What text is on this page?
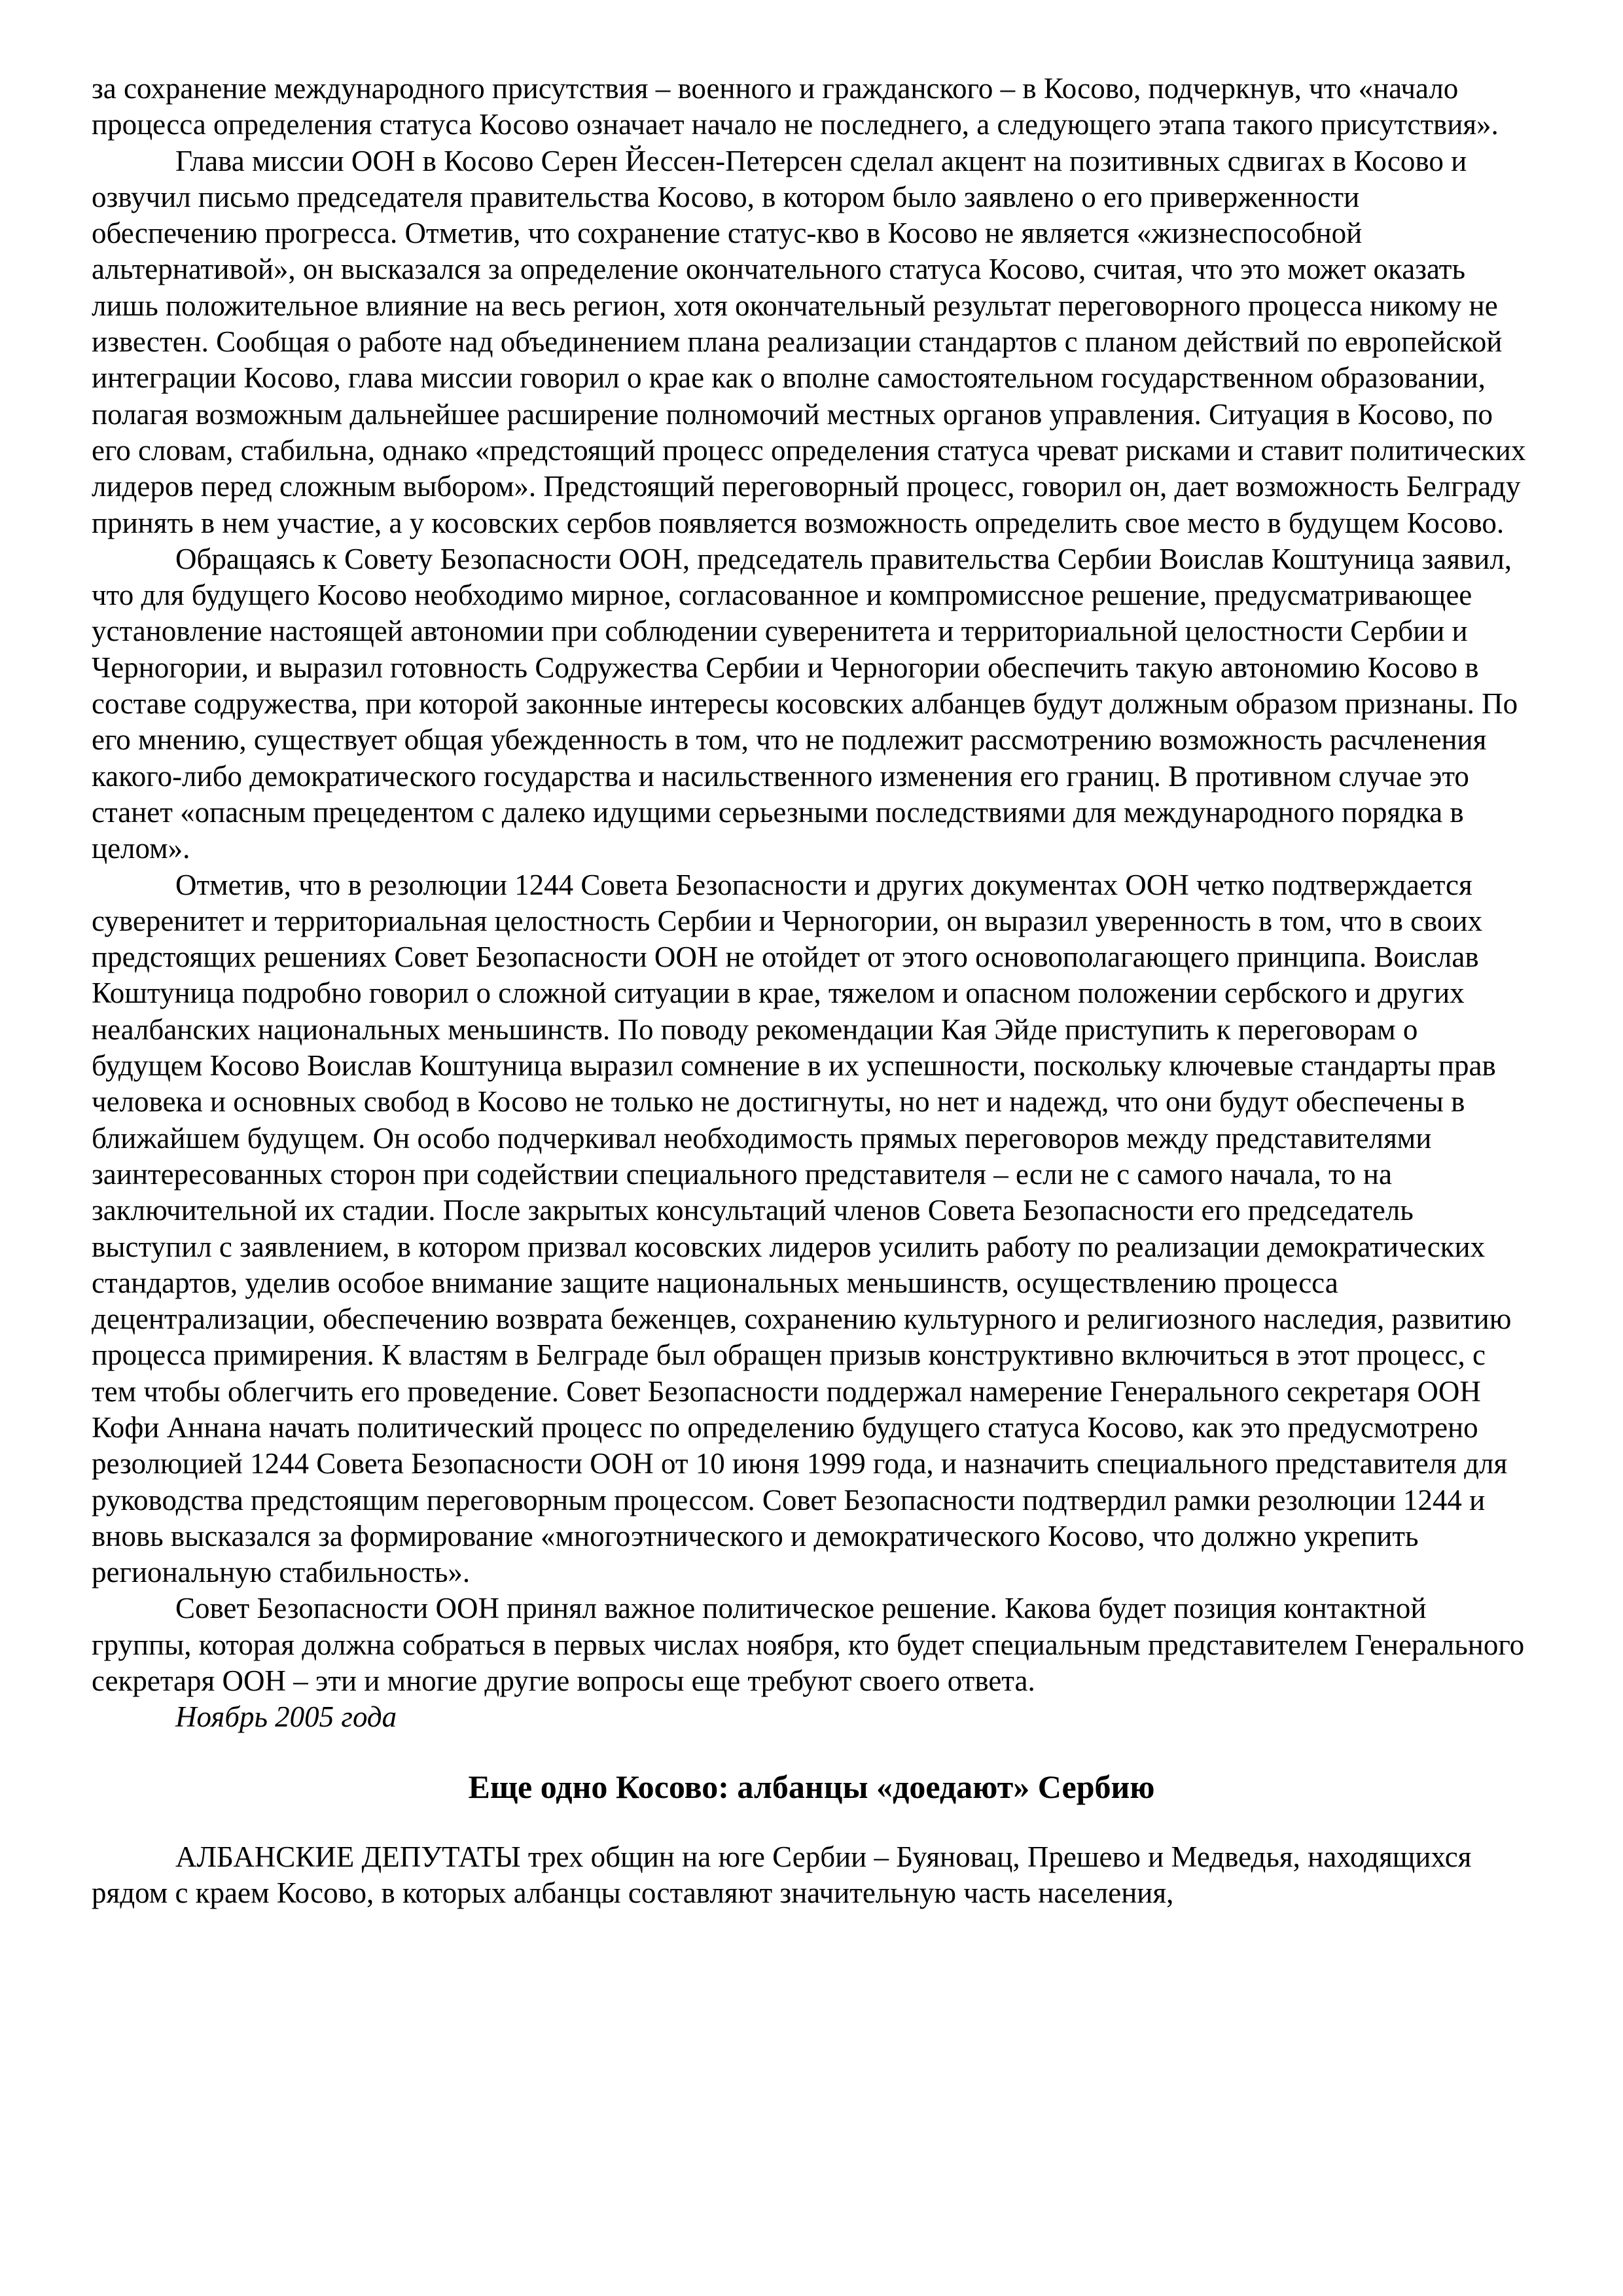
за сохранение международного присутствия – военного и гражданского – в Косово, подчеркнув, что «начало процесса определения статуса Косово означает начало не последнего, а следующего этапа такого присутствия».

Глава миссии ООН в Косово Серен Йессен-Петерсен сделал акцент на позитивных сдвигах в Косово и озвучил письмо председателя правительства Косово, в котором было заявлено о его приверженности обеспечению прогресса. Отметив, что сохранение статус-кво в Косово не является «жизнеспособной альтернативой», он высказался за определение окончательного статуса Косово, считая, что это может оказать лишь положительное влияние на весь регион, хотя окончательный результат переговорного процесса никому не известен. Сообщая о работе над объединением плана реализации стандартов с планом действий по европейской интеграции Косово, глава миссии говорил о крае как о вполне самостоятельном государственном образовании, полагая возможным дальнейшее расширение полномочий местных органов управления. Ситуация в Косово, по его словам, стабильна, однако «предстоящий процесс определения статуса чреват рисками и ставит политических лидеров перед сложным выбором». Предстоящий переговорный процесс, говорил он, дает возможность Белграду принять в нем участие, а у косовских сербов появляется возможность определить свое место в будущем Косово.

Обращаясь к Совету Безопасности ООН, председатель правительства Сербии Воислав Коштуница заявил, что для будущего Косово необходимо мирное, согласованное и компромиссное решение, предусматривающее установление настоящей автономии при соблюдении суверенитета и территориальной целостности Сербии и Черногории, и выразил готовность Содружества Сербии и Черногории обеспечить такую автономию Косово в составе содружества, при которой законные интересы косовских албанцев будут должным образом признаны. По его мнению, существует общая убежденность в том, что не подлежит рассмотрению возможность расчленения какого-либо демократического государства и насильственного изменения его границ. В противном случае это станет «опасным прецедентом с далеко идущими серьезными последствиями для международного порядка в целом».

Отметив, что в резолюции 1244 Совета Безопасности и других документах ООН четко подтверждается суверенитет и территориальная целостность Сербии и Черногории, он выразил уверенность в том, что в своих предстоящих решениях Совет Безопасности ООН не отойдет от этого основополагающего принципа. Воислав Коштуница подробно говорил о сложной ситуации в крае, тяжелом и опасном положении сербского и других неалбанских национальных меньшинств. По поводу рекомендации Кая Эйде приступить к переговорам о будущем Косово Воислав Коштуница выразил сомнение в их успешности, поскольку ключевые стандарты прав человека и основных свобод в Косово не только не достигнуты, но нет и надежд, что они будут обеспечены в ближайшем будущем. Он особо подчеркивал необходимость прямых переговоров между представителями заинтересованных сторон при содействии специального представителя – если не с самого начала, то на заключительной их стадии. После закрытых консультаций членов Совета Безопасности его председатель выступил с заявлением, в котором призвал косовских лидеров усилить работу по реализации демократических стандартов, уделив особое внимание защите национальных меньшинств, осуществлению процесса децентрализации, обеспечению возврата беженцев, сохранению культурного и религиозного наследия, развитию процесса примирения. К властям в Белграде был обращен призыв конструктивно включиться в этот процесс, с тем чтобы облегчить его проведение. Совет Безопасности поддержал намерение Генерального секретаря ООН Кофи Аннана начать политический процесс по определению будущего статуса Косово, как это предусмотрено резолюцией 1244 Совета Безопасности ООН от 10 июня 1999 года, и назначить специального представителя для руководства предстоящим переговорным процессом. Совет Безопасности подтвердил рамки резолюции 1244 и вновь высказался за формирование «многоэтнического и демократического Косово, что должно укрепить региональную стабильность».

Совет Безопасности ООН принял важное политическое решение. Какова будет позиция контактной группы, которая должна собраться в первых числах ноября, кто будет специальным представителем Генерального секретаря ООН – эти и многие другие вопросы еще требуют своего ответа.

Ноябрь 2005 года

Еще одно Косово: албанцы «доедают» Сербию

АЛБАНСКИЕ ДЕПУТАТЫ трех общин на юге Сербии – Буяновац, Прешево и Медведья, находящихся рядом с краем Косово, в которых албанцы составляют значительную часть населения,
